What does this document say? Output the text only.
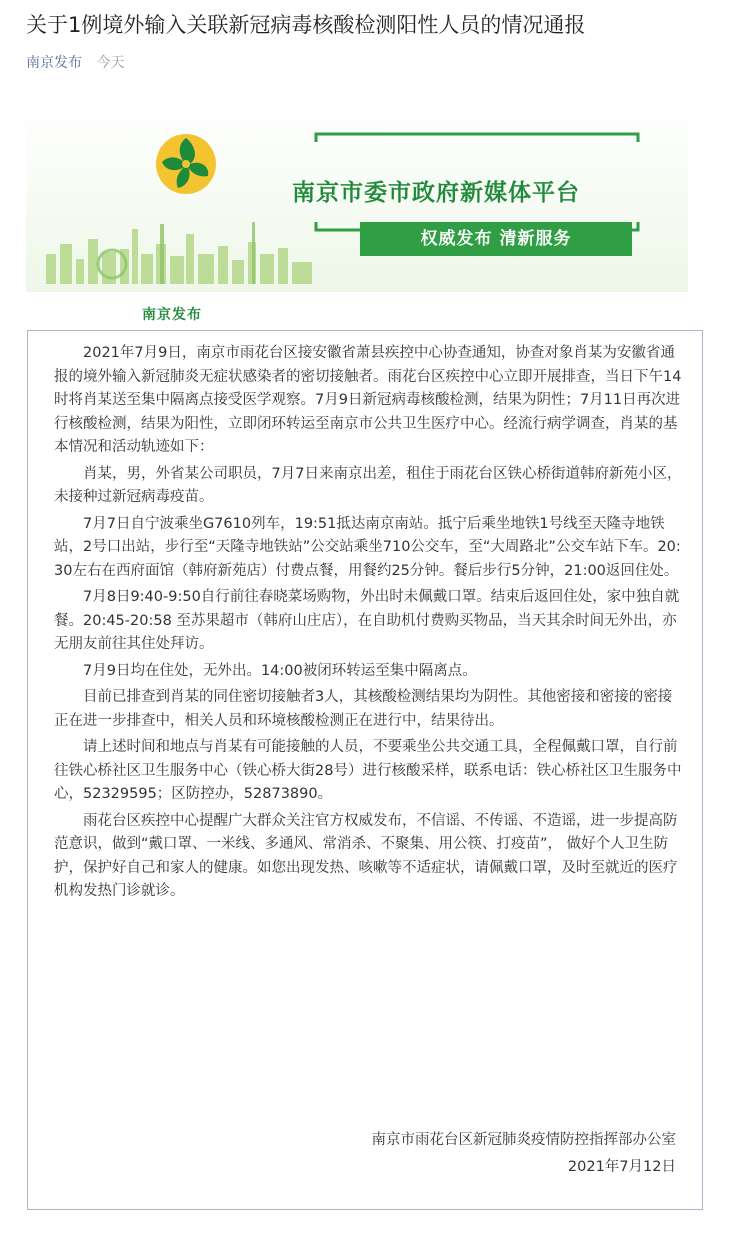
关于1例境外输入关联新冠病毒核酸检测阳性人员的情况通报
南京发布 今天
南京发布
南京市委市政府新媒体平台
权威发布 清新服务

2021年7月9日，南京市雨花台区接安徽省萧县疾控中心协查通知，协查对象肖某为安徽省通报的境外输入新冠肺炎无症状感染者的密切接触者。雨花台区疾控中心立即开展排查，当日下午14时将肖某送至集中隔离点接受医学观察。7月9日新冠病毒核酸检测，结果为阴性；7月11日再次进行核酸检测，结果为阳性，立即闭环转运至南京市公共卫生医疗中心。经流行病学调查，肖某的基本情况和活动轨迹如下：

肖某，男，外省某公司职员，7月7日来南京出差，租住于雨花台区铁心桥街道韩府新苑小区，未接种过新冠病毒疫苗。

7月7日自宁波乘坐G7610列车，19:51抵达南京南站。抵宁后乘坐地铁1号线至天隆寺地铁站，2号口出站，步行至“天隆寺地铁站”公交站乘坐710公交车，至“大周路北”公交车站下车。20:30左右在西府面馆（韩府新苑店）付费点餐，用餐约25分钟。餐后步行5分钟，21:00返回住处。

7月8日9:40-9:50自行前往春晓菜场购物，外出时未佩戴口罩。结束后返回住处，家中独自就餐。20:45-20:58 至苏果超市（韩府山庄店），在自助机付费购买物品，当天其余时间无外出，亦无朋友前往其住处拜访。

7月9日均在住处，无外出。14:00被闭环转运至集中隔离点。

目前已排查到肖某的同住密切接触者3人，其核酸检测结果均为阴性。其他密接和密接的密接正在进一步排查中，相关人员和环境核酸检测正在进行中，结果待出。

请上述时间和地点与肖某有可能接触的人员，不要乘坐公共交通工具，全程佩戴口罩，自行前往铁心桥社区卫生服务中心（铁心桥大街28号）进行核酸采样，联系电话：铁心桥社区卫生服务中心，52329595；区防控办，52873890。

雨花台区疾控中心提醒广大群众关注官方权威发布，不信谣、不传谣、不造谣，进一步提高防范意识，做到“戴口罩、一米线、多通风、常消杀、不聚集、用公筷、打疫苗”， 做好个人卫生防护，保护好自己和家人的健康。如您出现发热、咳嗽等不适症状，请佩戴口罩，及时至就近的医疗机构发热门诊就诊。

南京市雨花台区新冠肺炎疫情防控指挥部办公室
2021年7月12日
